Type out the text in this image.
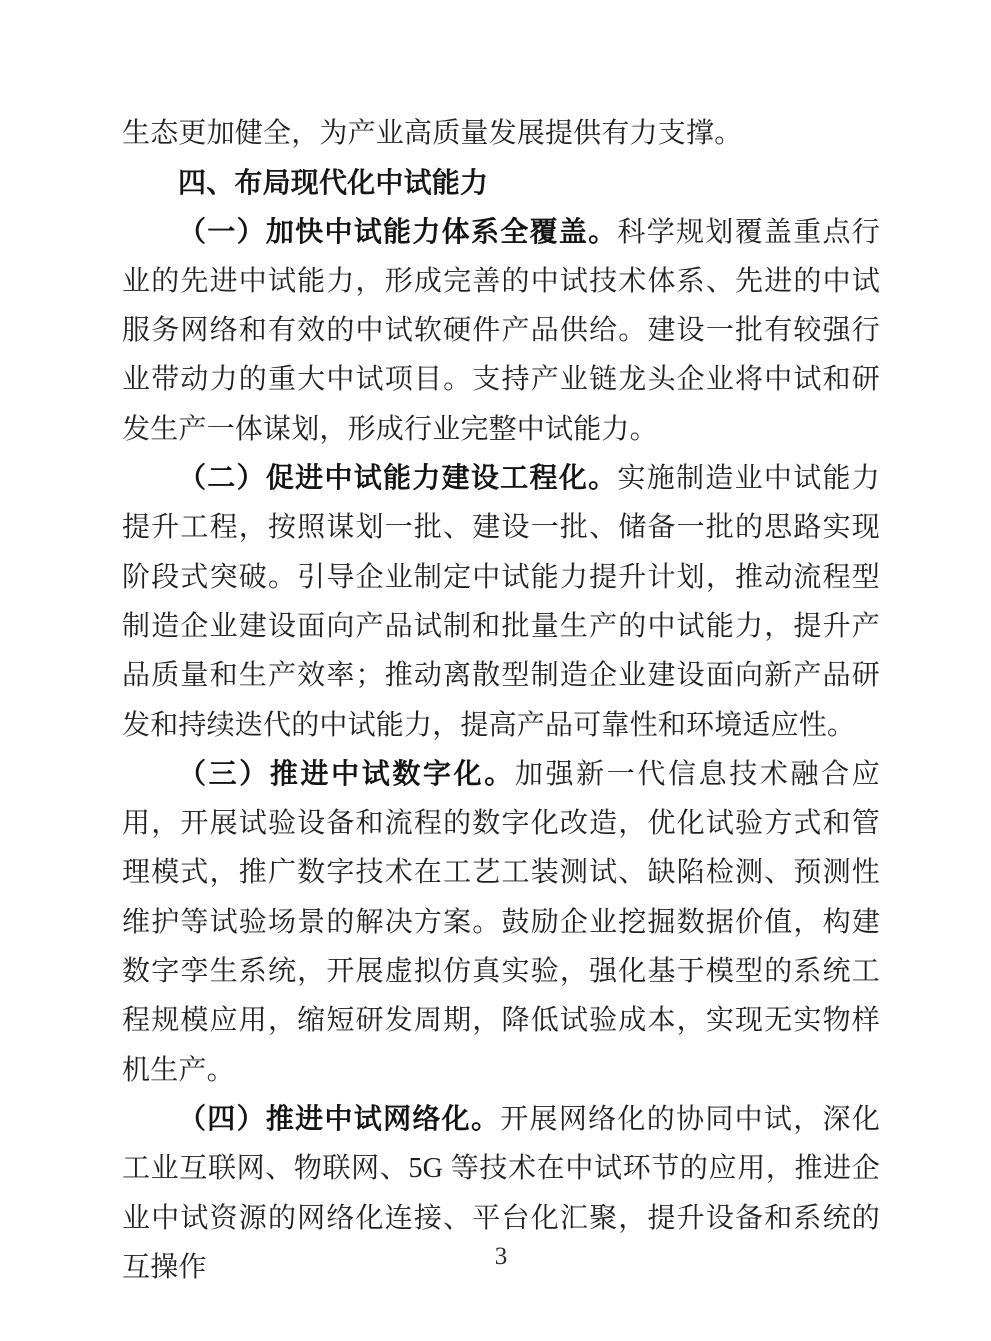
生态更加健全，为产业高质量发展提供有力支撑。

四、布局现代化中试能力

（一）加快中试能力体系全覆盖。科学规划覆盖重点行业的先进中试能力，形成完善的中试技术体系、先进的中试服务网络和有效的中试软硬件产品供给。建设一批有较强行业带动力的重大中试项目。支持产业链龙头企业将中试和研发生产一体谋划，形成行业完整中试能力。

（二）促进中试能力建设工程化。实施制造业中试能力提升工程，按照谋划一批、建设一批、储备一批的思路实现阶段式突破。引导企业制定中试能力提升计划，推动流程型制造企业建设面向产品试制和批量生产的中试能力，提升产品质量和生产效率；推动离散型制造企业建设面向新产品研发和持续迭代的中试能力，提高产品可靠性和环境适应性。

（三）推进中试数字化。加强新一代信息技术融合应用，开展试验设备和流程的数字化改造，优化试验方式和管理模式，推广数字技术在工艺工装测试、缺陷检测、预测性维护等试验场景的解决方案。鼓励企业挖掘数据价值，构建数字孪生系统，开展虚拟仿真实验，强化基于模型的系统工程规模应用，缩短研发周期，降低试验成本，实现无实物样机生产。

（四）推进中试网络化。开展网络化的协同中试，深化工业互联网、物联网、5G 等技术在中试环节的应用，推进企业中试资源的网络化连接、平台化汇聚，提升设备和系统的互操作	3
